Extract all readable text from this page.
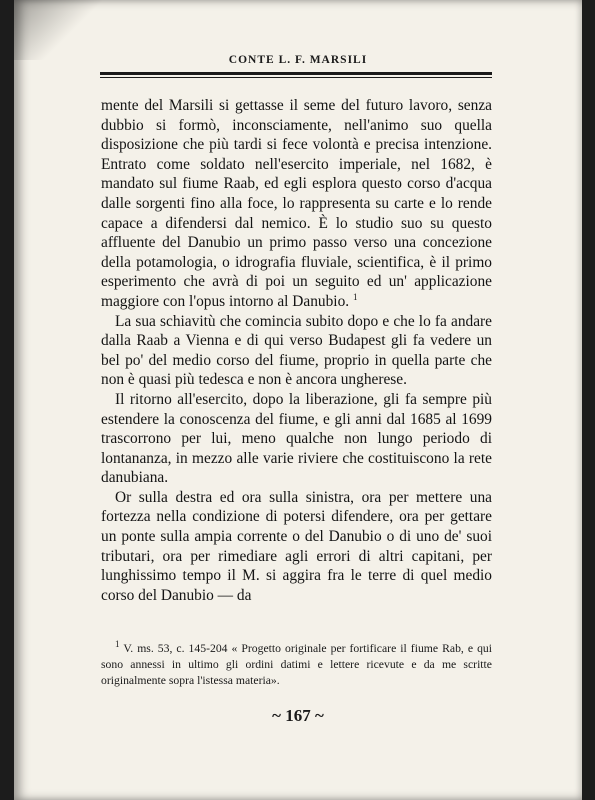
CONTE L. F. MARSILI

mente del Marsili si gettasse il seme del futuro lavoro, senza dubbio si formò, inconsciamente, nell'animo suo quella disposizione che più tardi si fece volontà e precisa intenzione. Entrato come soldato nell'esercito imperiale, nel 1682, è mandato sul fiume Raab, ed egli esplora questo corso d'acqua dalle sorgenti fino alla foce, lo rappresenta su carte e lo rende capace a difendersi dal nemico. È lo studio suo su questo affluente del Danubio un primo passo verso una concezione della potamologia, o idrografia fluviale, scientifica, è il primo esperimento che avrà di poi un seguito ed un' applicazione maggiore con l'opus intorno al Danubio. $^1$

La sua schiavitù che comincia subito dopo e che lo fa andare dalla Raab a Vienna e di qui verso Budapest gli fa vedere un bel po' del medio corso del fiume, proprio in quella parte che non è quasi più tedesca e non è ancora ungherese.

Il ritorno all'esercito, dopo la liberazione, gli fa sempre più estendere la conoscenza del fiume, e gli anni dal 1685 al 1699 trascorrono per lui, meno qualche non lungo periodo di lontananza, in mezzo alle varie riviere che costituiscono la rete danubiana.

Or sulla destra ed ora sulla sinistra, ora per mettere una fortezza nella condizione di potersi difendere, ora per gettare un ponte sulla ampia corrente o del Danubio o di uno de' suoi tributari, ora per rimediare agli errori di altri capitani, per lunghissimo tempo il M. si aggira fra le terre di quel medio corso del Danubio — da

$^1$ V. ms. 53, c. 145-204 « Progetto originale per fortificare il fiume Rab, e qui sono annessi in ultimo gli ordini datimi e lettere ricevute e da me scritte originalmente sopra l'istessa materia».
~ 167 ~
